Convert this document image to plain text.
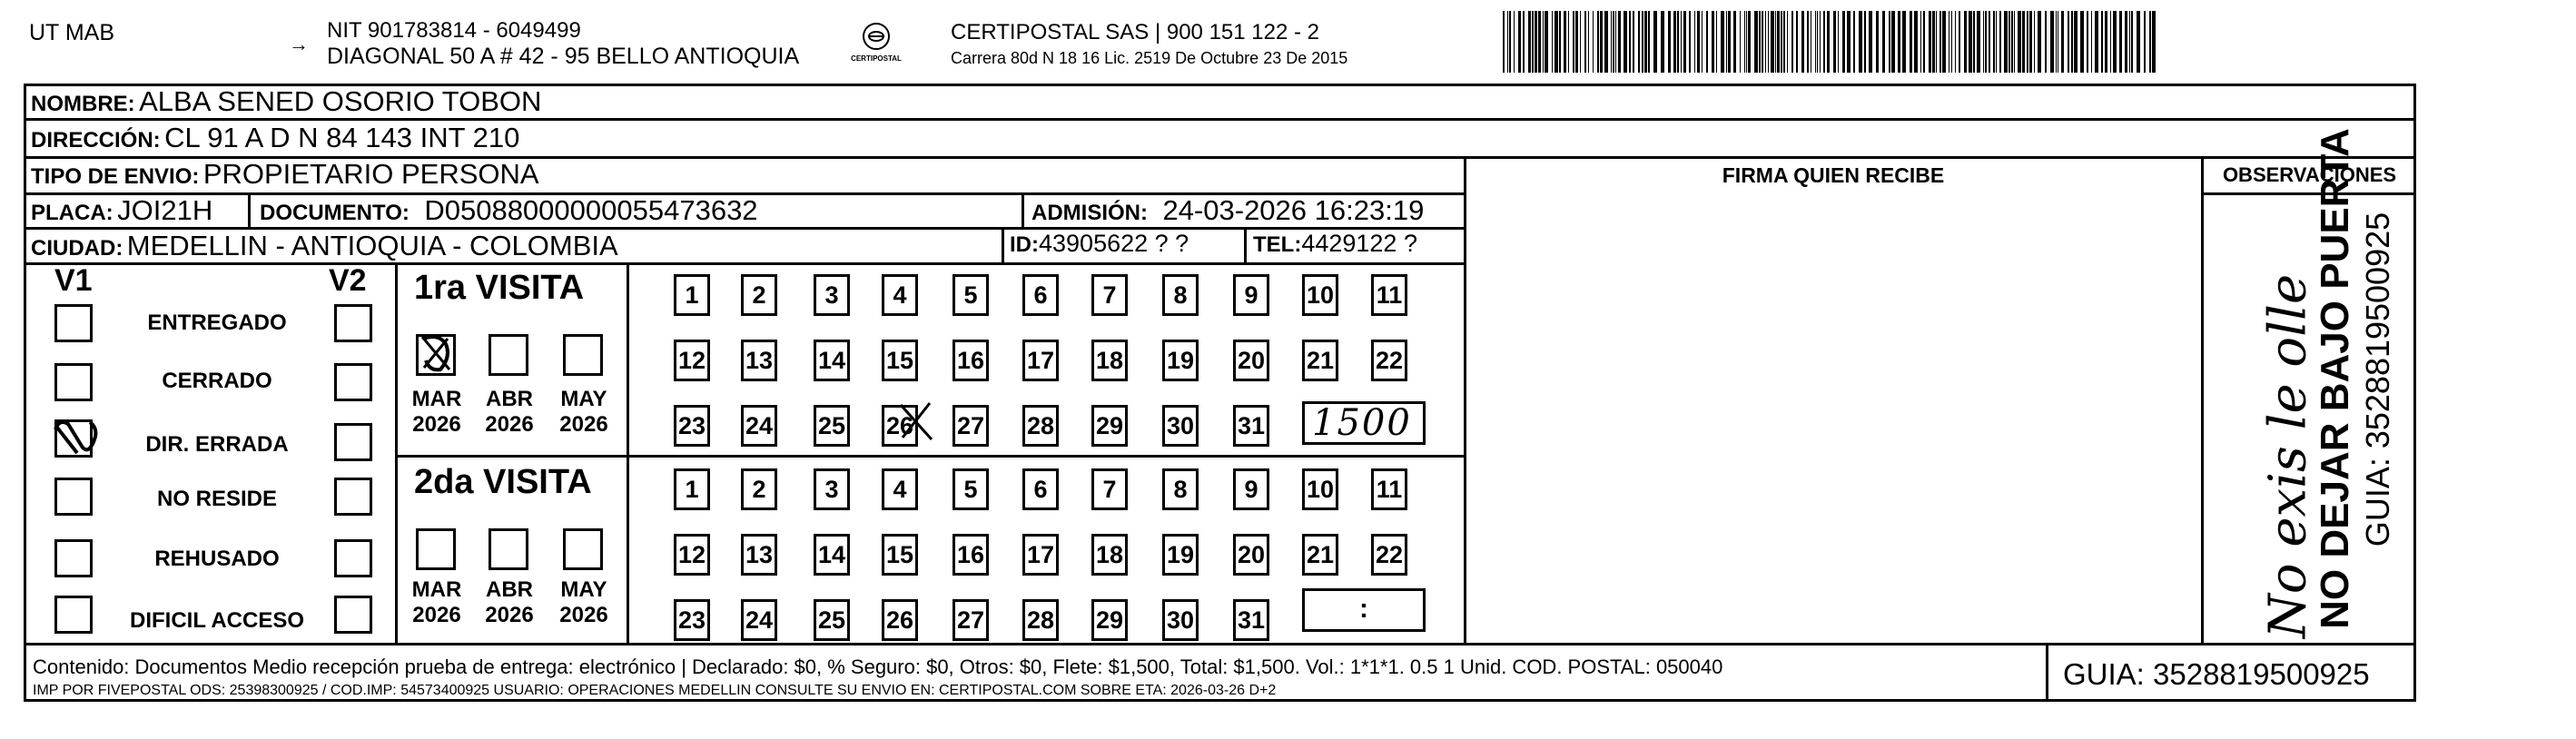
UT MAB	→
NIT 901783814 - 6049499
DIAGONAL 50 A # 42 - 95 BELLO ANTIOQUIA	CERTIPOSTAL
CERTIPOSTAL SAS | 900 151 122 - 2
Carrera 80d N 18 16 Lic. 2519 De Octubre 23 De 2015
NOMBRE: ALBA SENED OSORIO TOBON
DIRECCIÓN: CL 91 A D N 84 143 INT 210
TIPO DE ENVIO: PROPIETARIO PERSONA	FIRMA QUIEN RECIBE	OBSERVACIONES
PLACA: JOI21H DOCUMENTO: D05088000000055473632	ADMISIÓN: 24-03-2026 16:23:19
CIUDAD: MEDELLIN - ANTIOQUIA - COLOMBIA	ID:43905622 ? ?	TEL:4429122 ?
V1	V2
ENTREGADO
CERRADO
DIR. ERRADA
NO RESIDE
REHUSADO
DIFICIL ACCESO
1ra VISITA
MAR
2026
ABR
2026
MAY
2026
1	2	3	4	5	6	7	8	9	10 11
12 13 14 15 16 17 18 19 20 21 22
23 24 25 26 27 28 29 30 31 1500
2da VISITA
MAR
2026
ABR
2026
MAY
2026
1	2	3	4	5	6	7	8	9	10 11
12 13 14 15 16 17 18 19 20 21 22
23 24 25 26 27 28 29 30 31	:	No exis le olle
Contenido: Documentos Medio recepción prueba de entrega: electrónico | Declarado: $0, % Seguro: $0, Otros: $0, Flete: $1,500, Total: $1,500. Vol.: 1*1*1. 0.5 1 Unid. COD. POSTAL: 050040
IMP POR FIVEPOSTAL ODS: 25398300925 / COD.IMP: 54573400925 USUARIO: OPERACIONES MEDELLIN CONSULTE SU ENVIO EN: CERTIPOSTAL.COM SOBRE ETA: 2026-03-26 D+2	GUIA: 3528819500925
NO DEJAR BAJO PUERTA GUIA: 3528819500925
